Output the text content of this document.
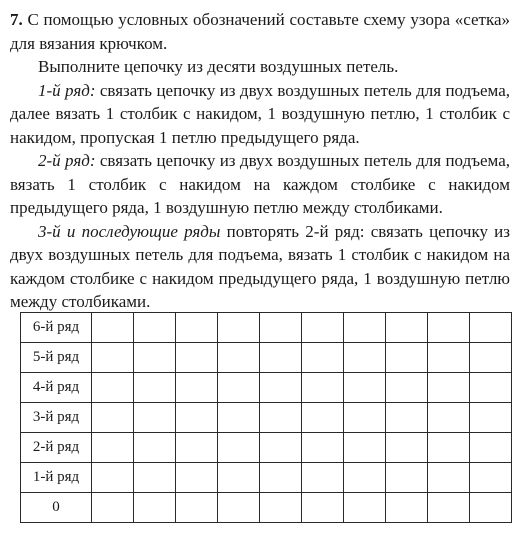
7. С помощью условных обозначений составьте схему узора «сетка» для вязания крючком.

Выполните цепочку из десяти воздушных петель.

1-й ряд: связать цепочку из двух воздушных петель для подъема, далее вязать 1 столбик с накидом, 1 воздушную петлю, 1 столбик с накидом, пропуская 1 петлю предыдущего ряда.

2-й ряд: связать цепочку из двух воздушных петель для подъема, вязать 1 столбик с накидом на каждом столбике с накидом предыдущего ряда, 1 воздушную петлю между столбиками.

3-й и последующие ряды повторять 2-й ряд: связать цепочку из двух воздушных петель для подъема, вязать 1 столбик с накидом на каждом столбике с накидом предыдущего ряда, 1 воздушную петлю между столбиками.

6-й ряд										
5-й ряд										
4-й ряд										
3-й ряд										
2-й ряд										
1-й ряд										
0										
